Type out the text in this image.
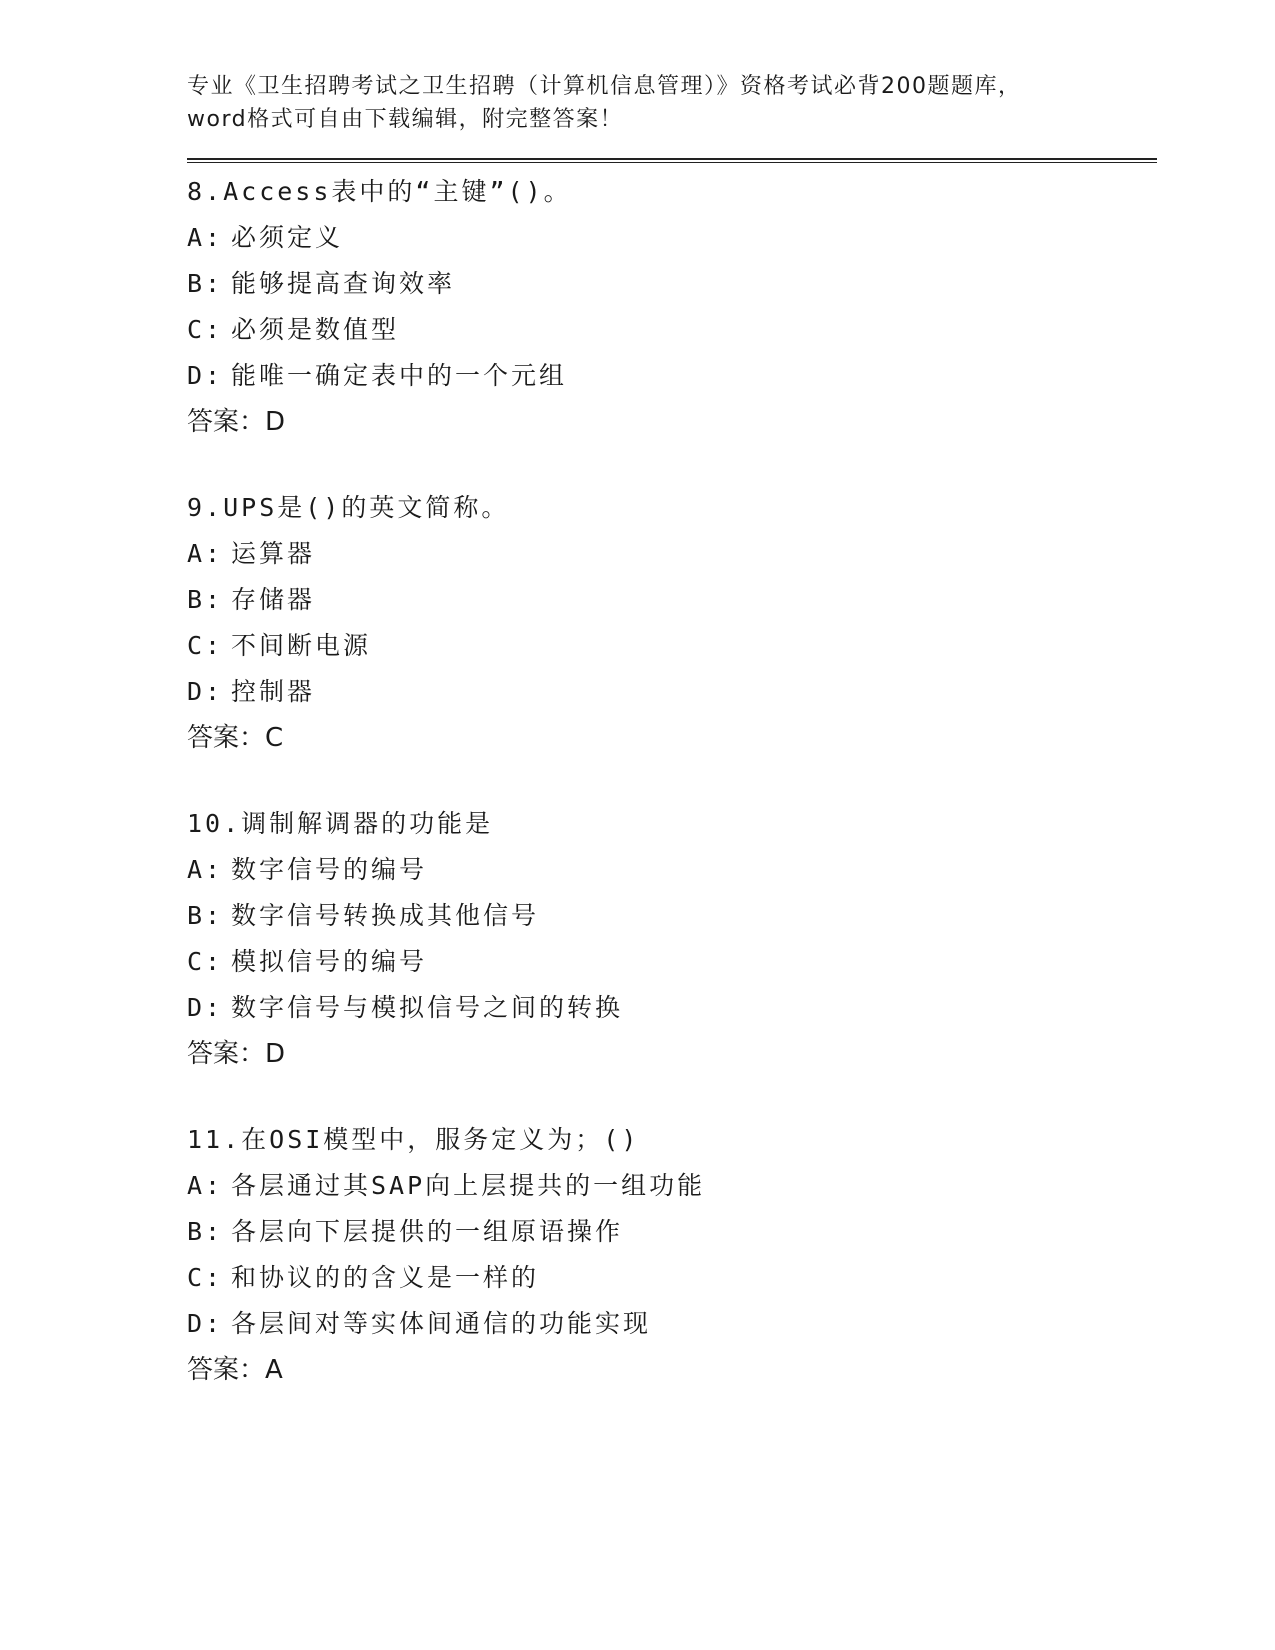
专业《卫生招聘考试之卫生招聘（计算机信息管理）》资格考试必背200题题库，
word格式可自由下载编辑，附完整答案！
8.Access表中的“主键”()。
A: 必须定义
B: 能够提高查询效率
C: 必须是数值型
D: 能唯一确定表中的一个元组
答案：D
9.UPS是()的英文简称。
A: 运算器
B: 存储器
C: 不间断电源
D: 控制器
答案：C
10.调制解调器的功能是
A: 数字信号的编号
B: 数字信号转换成其他信号
C: 模拟信号的编号
D: 数字信号与模拟信号之间的转换
答案：D
11.在OSI模型中，服务定义为；()
A: 各层通过其SAP向上层提共的一组功能
B: 各层向下层提供的一组原语操作
C: 和协议的的含义是一样的
D: 各层间对等实体间通信的功能实现
答案：A
